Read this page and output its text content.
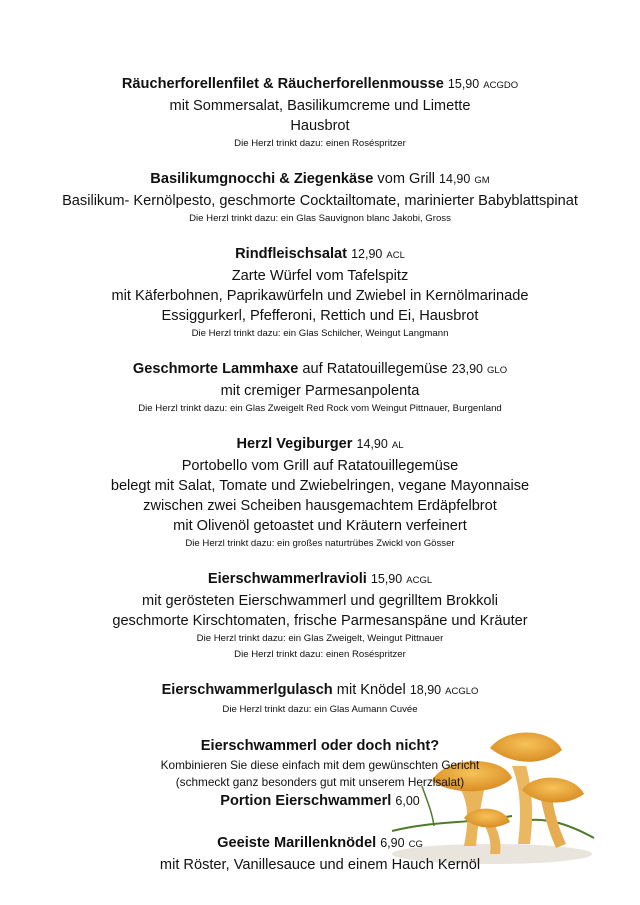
Räucherforellenfilet & Räucherforellenmousse 15,90 ACGDO
mit Sommersalat, Basilikumcreme und Limette
Hausbrot
Die Herzl trinkt dazu: einen Roséspritzer
Basilikumgnocchi & Ziegenkäse vom Grill 14,90 GM
Basilikum- Kernölpesto, geschmorte Cocktailtomate, marinierter Babyblattspinat
Die Herzl trinkt dazu: ein Glas Sauvignon blanc Jakobi, Gross
Rindfleischsalat 12,90 ACL
Zarte Würfel vom Tafelspitz
mit Käferbohnen, Paprikawürfeln und Zwiebel in Kernölmarinade
Essiggurkerl, Pfefferoni, Rettich und Ei, Hausbrot
Die Herzl trinkt dazu: ein Glas Schilcher, Weingut Langmann
Geschmorte Lammhaxe auf Ratatouillegemüse 23,90 GLO
mit cremiger Parmesanpolenta
Die Herzl trinkt dazu: ein Glas Zweigelt Red Rock vom Weingut Pittnauer, Burgenland
Herzl Vegiburger 14,90 AL
Portobello vom Grill auf Ratatouillegemüse
belegt mit Salat, Tomate und Zwiebelringen, vegane Mayonnaise
zwischen zwei Scheiben hausgemachtem Erdäpfelbrot
mit Olivenöl getoastet und Kräutern verfeinert
Die Herzl trinkt dazu: ein großes naturtrübes Zwickl von Gösser
Eierschwammerlravioli 15,90 ACGL
mit gerösteten Eierschwammerl und gegrilltem Brokkoli
geschmorte Kirschtomaten, frische Parmesanspäne und Kräuter
Die Herzl trinkt dazu: ein Glas Zweigelt, Weingut Pittnauer
Die Herzl trinkt dazu: einen Roséspritzer
Eierschwammerlgulasch mit Knödel 18,90 ACGLO
Die Herzl trinkt dazu: ein Glas Aumann Cuvée
Eierschwammerl oder doch nicht?
Kombinieren Sie diese einfach mit dem gewünschten Gericht
(schmeckt ganz besonders gut mit unserem Herzlsalat)
Portion Eierschwammerl 6,00
Geeiste Marillenknödel 6,90 CG
mit Röster, Vanillesauce und einem Hauch Kernöl
